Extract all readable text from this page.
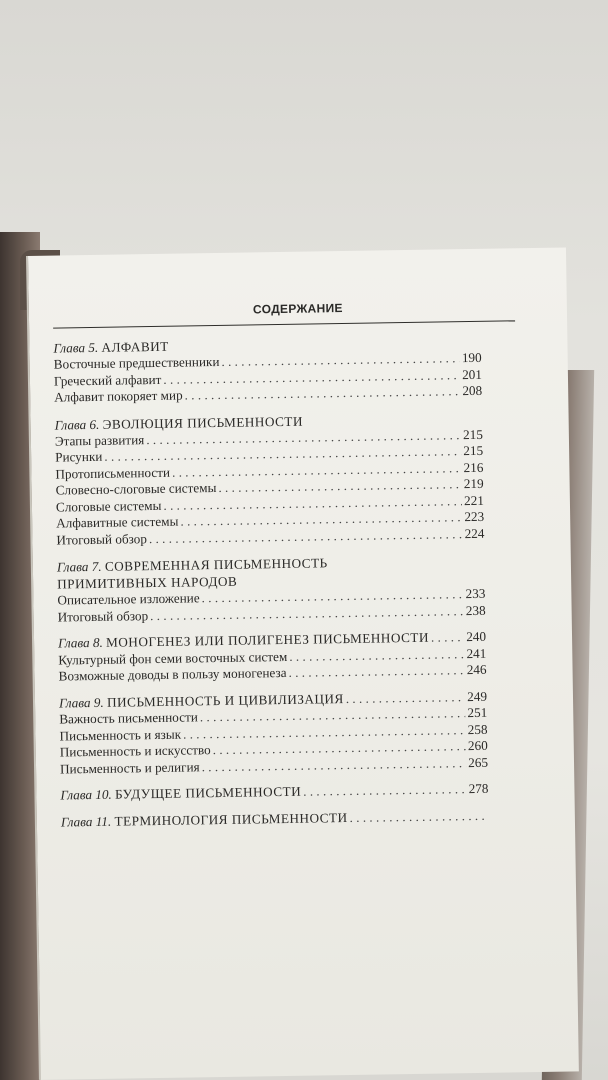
СОДЕРЖАНИЕ
Глава 5. АЛФАВИТ
Восточные предшественники . . .	190
Греческий алфавит . . .	201
Алфавит покоряет мир . . .	208
Глава 6. ЭВОЛЮЦИЯ ПИСЬМЕННОСТИ
Этапы развития . . .	215
Рисунки . . .	215
Протописьменности . . .	216
Словесно-слоговые системы . . .	219
Слоговые системы . . .	221
Алфавитные системы . . .	223
Итоговый обзор . . .	224
Глава 7. СОВРЕМЕННАЯ ПИСЬМЕННОСТЬ
ПРИМИТИВНЫХ НАРОДОВ
Описательное изложение . . .	233
Итоговый обзор . . .	238
Глава 8. МОНОГЕНЕЗ ИЛИ ПОЛИГЕНЕЗ ПИСЬМЕННОСТИ . . .	240
Культурный фон семи восточных систем . . .	241
Возможные доводы в пользу моногенеза . . .	246
Глава 9. ПИСЬМЕННОСТЬ И ЦИВИЛИЗАЦИЯ . . .	249
Важность письменности . . .	251
Письменность и язык . . .	258
Письменность и искусство . . .	260
Письменность и религия . . .	265
Глава 10. БУДУЩЕЕ ПИСЬМЕННОСТИ . . .	278
Глава 11. ТЕРМИНОЛОГИЯ ПИСЬМЕННОСТИ
. . .
